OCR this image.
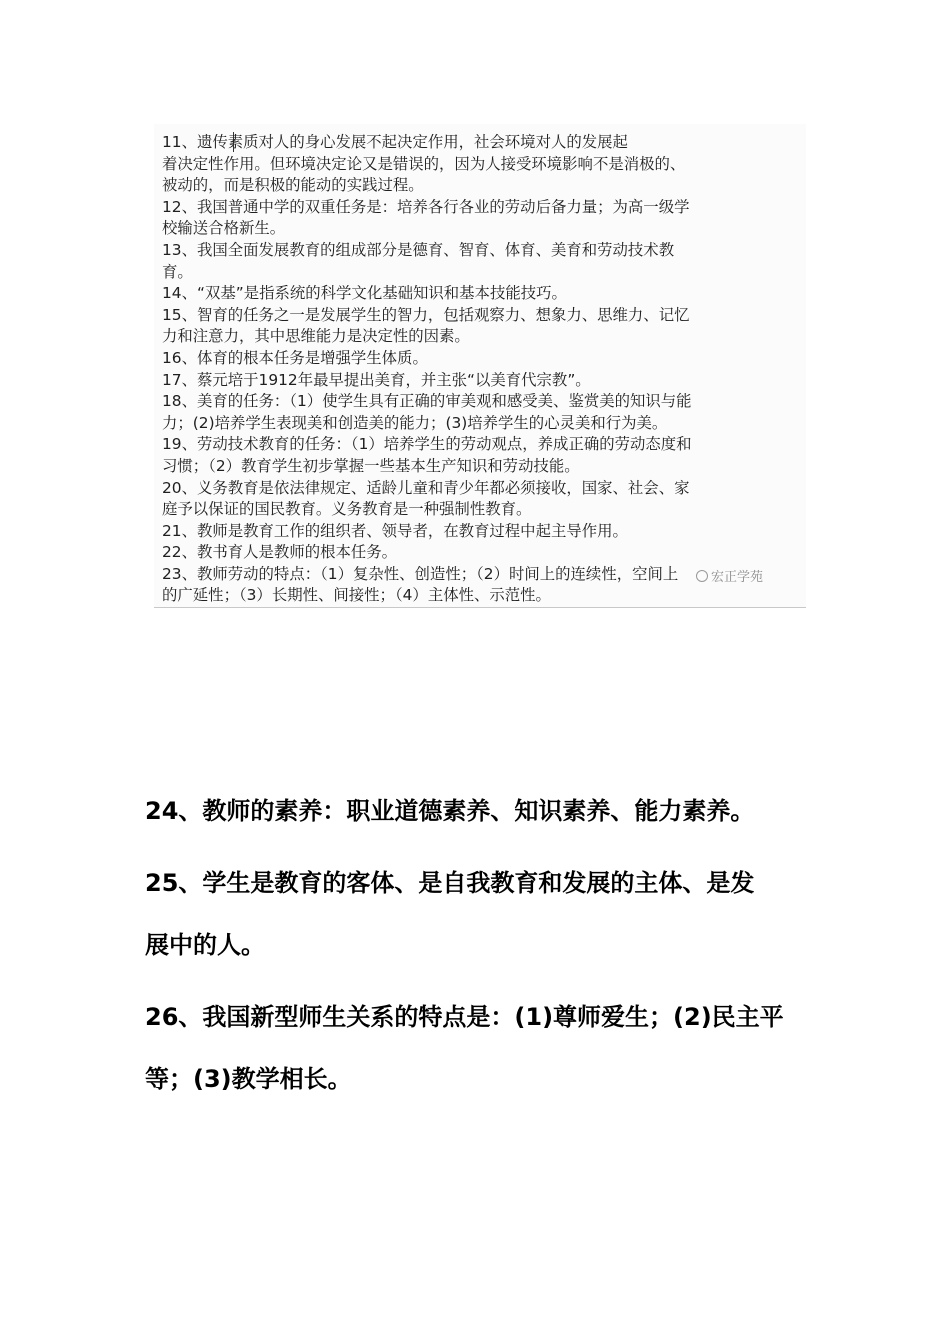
11、遗传素质对人的身心发展不起决定作用，社会环境对人的发展起
着决定性作用。但环境决定论又是错误的，因为人接受环境影响不是消极的、
被动的，而是积极的能动的实践过程。
12、我国普通中学的双重任务是：培养各行各业的劳动后备力量；为高一级学
校输送合格新生。
13、我国全面发展教育的组成部分是德育、智育、体育、美育和劳动技术教
育。
14、“双基”是指系统的科学文化基础知识和基本技能技巧。
15、智育的任务之一是发展学生的智力，包括观察力、想象力、思维力、记忆
力和注意力，其中思维能力是决定性的因素。
16、体育的根本任务是增强学生体质。
17、蔡元培于1912年最早提出美育，并主张“以美育代宗教”。
18、美育的任务：（1）使学生具有正确的审美观和感受美、鉴赏美的知识与能
力；(2)培养学生表现美和创造美的能力；(3)培养学生的心灵美和行为美。
19、劳动技术教育的任务：（1）培养学生的劳动观点，养成正确的劳动态度和
习惯；（2）教育学生初步掌握一些基本生产知识和劳动技能。
20、义务教育是依法律规定、适龄儿童和青少年都必须接收，国家、社会、家
庭予以保证的国民教育。义务教育是一种强制性教育。
21、教师是教育工作的组织者、领导者，在教育过程中起主导作用。
22、教书育人是教师的根本任务。
23、教师劳动的特点：（1）复杂性、创造性；（2）时间上的连续性，空间上
的广延性；（3）长期性、间接性；（4）主体性、示范性。
宏正学苑

24、教师的素养：职业道德素养、知识素养、能力素养。

25、学生是教育的客体、是自我教育和发展的主体、是发
展中的人。

26、我国新型师生关系的特点是：(1)尊师爱生；(2)民主平
等；(3)教学相长。
